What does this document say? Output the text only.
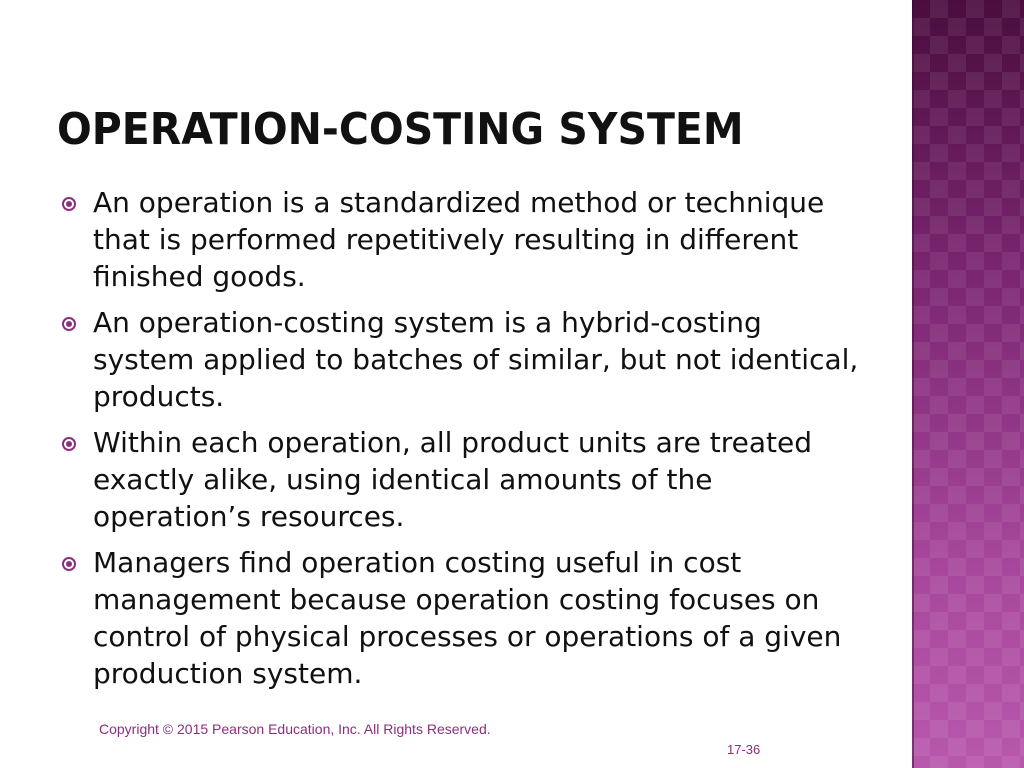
OPERATION-COSTING SYSTEM
An operation is a standardized method or technique that is performed repetitively resulting in different finished goods.
An operation-costing system is a hybrid-costing system applied to batches of similar, but not identical, products.
Within each operation, all product units are treated exactly alike, using identical amounts of the operation’s resources.
Managers find operation costing useful in cost management because operation costing focuses on control of physical processes or operations of a given production system.
Copyright © 2015 Pearson Education, Inc. All Rights Reserved.
17-36
